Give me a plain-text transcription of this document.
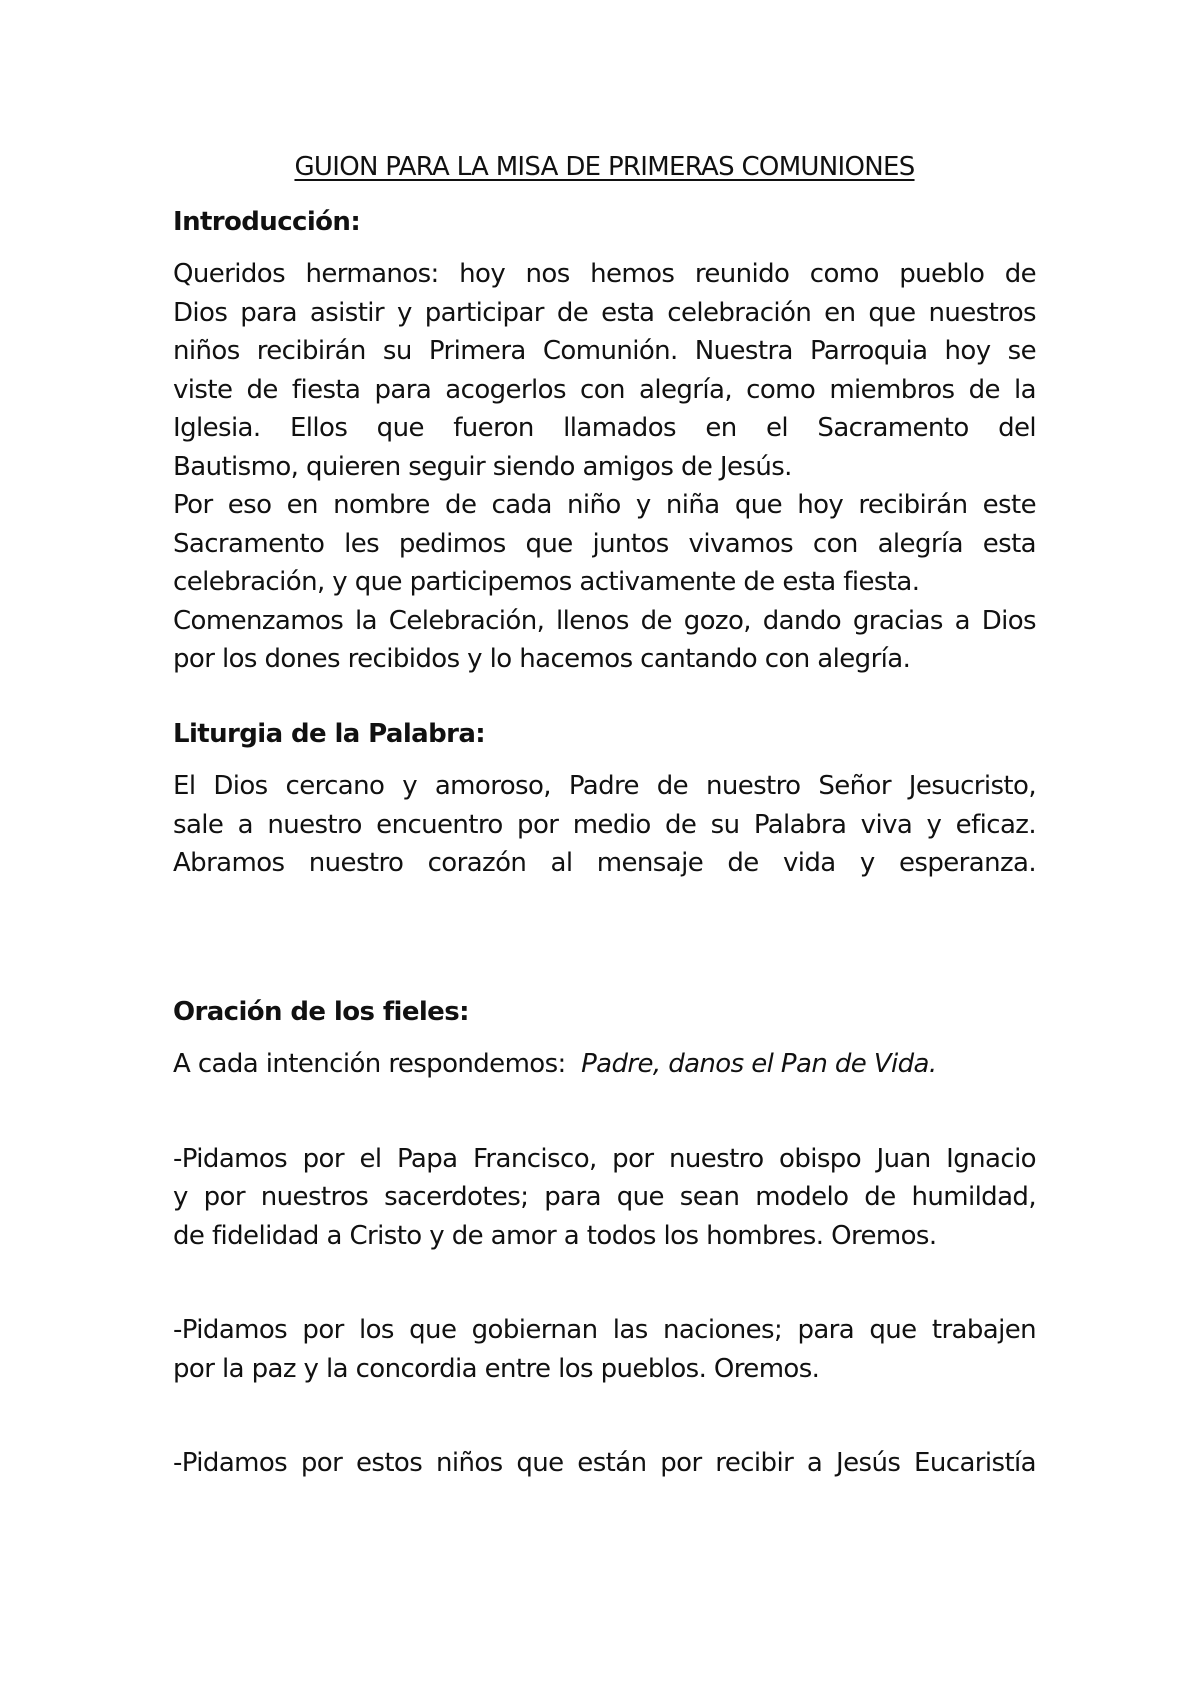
GUION PARA LA MISA DE PRIMERAS COMUNIONES

Introducción:

Queridos hermanos: hoy nos hemos reunido como pueblo de
Dios para asistir y participar de esta celebración en que nuestros
niños recibirán su Primera Comunión. Nuestra Parroquia hoy se
viste de fiesta para acogerlos con alegría, como miembros de la
Iglesia. Ellos que fueron llamados en el Sacramento del
Bautismo, quieren seguir siendo amigos de Jesús.
Por eso en nombre de cada niño y niña que hoy recibirán este
Sacramento les pedimos que juntos vivamos con alegría esta
celebración, y que participemos activamente de esta fiesta.
Comenzamos la Celebración, llenos de gozo, dando gracias a Dios
por los dones recibidos y lo hacemos cantando con alegría.

Liturgia de la Palabra:

El Dios cercano y amoroso, Padre de nuestro Señor Jesucristo,
sale a nuestro encuentro por medio de su Palabra viva y eficaz.
Abramos nuestro corazón al mensaje de vida y esperanza.

Oración de los fieles:

A cada intención respondemos: Padre, danos el Pan de Vida.

-Pidamos por el Papa Francisco, por nuestro obispo Juan Ignacio
y por nuestros sacerdotes; para que sean modelo de humildad,
de fidelidad a Cristo y de amor a todos los hombres. Oremos.
-Pidamos por los que gobiernan las naciones; para que trabajen
por la paz y la concordia entre los pueblos. Oremos.
-Pidamos por estos niños que están por recibir a Jesús Eucaristía
